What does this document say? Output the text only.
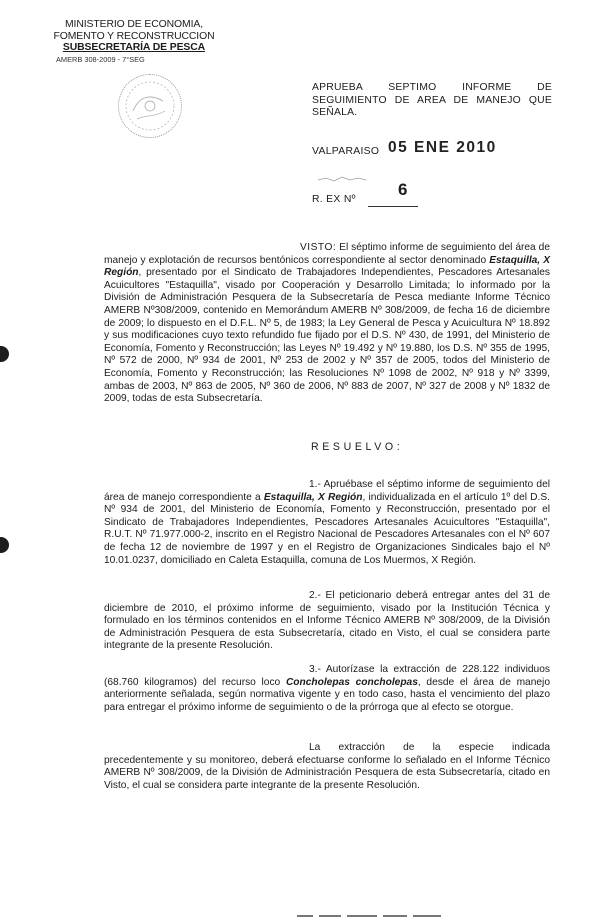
MINISTERIO DE ECONOMIA,
FOMENTO Y RECONSTRUCCION
SUBSECRETARÍA DE PESCA
AMERB 308-2009 - 7°SEG
APRUEBA SEPTIMO INFORME DE
SEGUIMIENTO DE AREA DE MANEJO QUE
SEÑALA.
VALPARAISO 05 ENE 2010
R. EX Nº
6

VISTO: El séptimo informe de seguimiento del área de manejo y explotación de recursos bentónicos correspondiente al sector denominado Estaquilla, X Región, presentado por el Sindicato de Trabajadores Independientes, Pescadores Artesanales Acuicultores "Estaquilla", visado por Cooperación y Desarrollo Limitada; lo informado por la División de Administración Pesquera de la Subsecretaría de Pesca mediante Informe Técnico AMERB Nº308/2009, contenido en Memorándum AMERB Nº 308/2009, de fecha 16 de diciembre de 2009; lo dispuesto en el D.F.L. Nº 5, de 1983; la Ley General de Pesca y Acuicultura Nº 18.892 y sus modificaciones cuyo texto refundido fue fijado por el D.S. Nº 430, de 1991, del Ministerio de Economía, Fomento y Reconstrucción; las Leyes Nº 19.492 y Nº 19.880, los D.S. Nº 355 de 1995, Nº 572 de 2000, Nº 934 de 2001, Nº 253 de 2002 y Nº 357 de 2005, todos del Ministerio de Economía, Fomento y Reconstrucción; las Resoluciones Nº 1098 de 2002, Nº 918 y Nº 3399, ambas de 2003, Nº 863 de 2005, Nº 360 de 2006, Nº 883 de 2007, Nº 327 de 2008 y Nº 1832 de 2009, todas de esta Subsecretaría.

RESUELVO:

1.- Apruébase el séptimo informe de seguimiento del área de manejo correspondiente a Estaquilla, X Región, individualizada en el artículo 1º del D.S. Nº 934 de 2001, del Ministerio de Economía, Fomento y Reconstrucción, presentado por el Sindicato de Trabajadores Independientes, Pescadores Artesanales Acuicultores "Estaquilla", R.U.T. Nº 71.977.000-2, inscrito en el Registro Nacional de Pescadores Artesanales con el Nº 607 de fecha 12 de noviembre de 1997 y en el Registro de Organizaciones Sindicales bajo el Nº 10.01.0237, domiciliado en Caleta Estaquilla, comuna de Los Muermos, X Región.

2.- El peticionario deberá entregar antes del 31 de diciembre de 2010, el próximo informe de seguimiento, visado por la Institución Técnica y formulado en los términos contenidos en el Informe Técnico AMERB Nº 308/2009, de la División de Administración Pesquera de esta Subsecretaría, citado en Visto, el cual se considera parte integrante de la presente Resolución.

3.- Autorízase la extracción de 228.122 individuos (68.760 kilogramos) del recurso loco Concholepas concholepas, desde el área de manejo anteriormente señalada, según normativa vigente y en todo caso, hasta el vencimiento del plazo para entregar el próximo informe de seguimiento o de la prórroga que al efecto se otorgue.

La extracción de la especie indicada precedentemente y su monitoreo, deberá efectuarse conforme lo señalado en el Informe Técnico AMERB Nº 308/2009, de la División de Administración Pesquera de esta Subsecretaría, citado en Visto, el cual se considera parte integrante de la presente Resolución.
